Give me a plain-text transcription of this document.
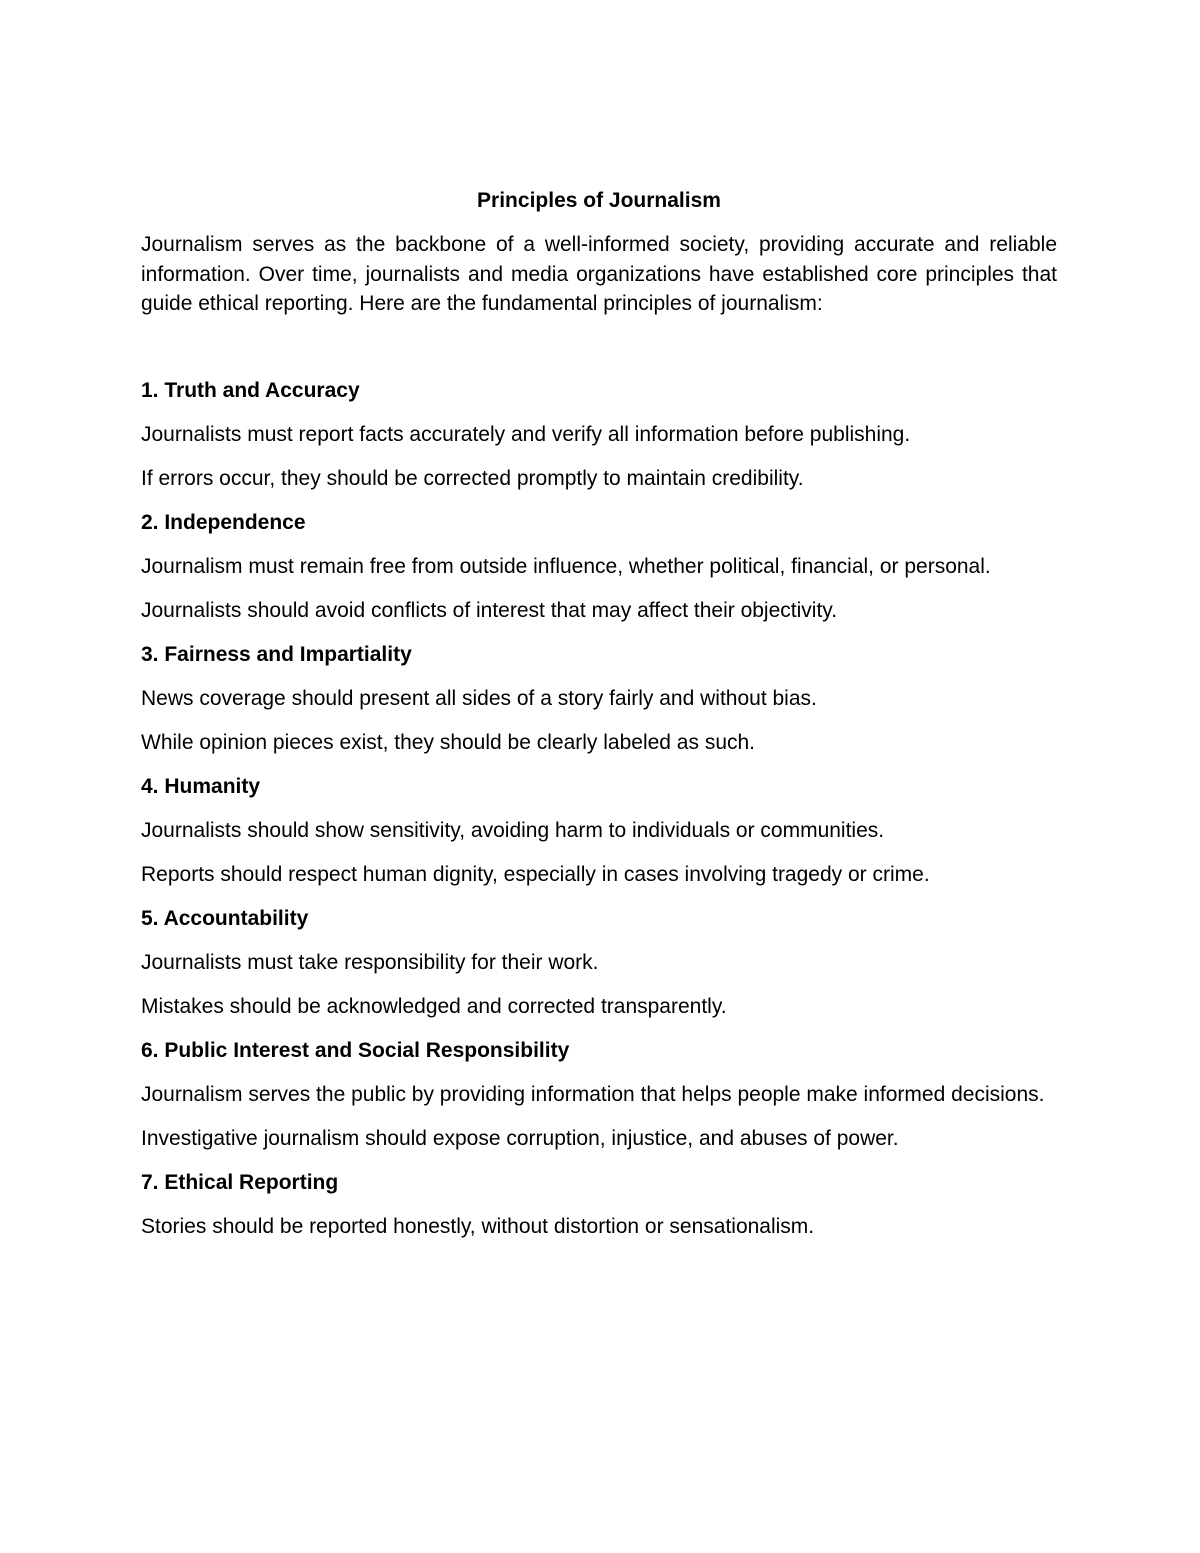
Principles of Journalism

Journalism serves as the backbone of a well-informed society, providing accurate and reliable information. Over time, journalists and media organizations have established core principles that guide ethical reporting. Here are the fundamental principles of journalism:

1. Truth and Accuracy

Journalists must report facts accurately and verify all information before publishing.

If errors occur, they should be corrected promptly to maintain credibility.

2. Independence

Journalism must remain free from outside influence, whether political, financial, or personal.

Journalists should avoid conflicts of interest that may affect their objectivity.

3. Fairness and Impartiality

News coverage should present all sides of a story fairly and without bias.

While opinion pieces exist, they should be clearly labeled as such.

4. Humanity

Journalists should show sensitivity, avoiding harm to individuals or communities.

Reports should respect human dignity, especially in cases involving tragedy or crime.

5. Accountability

Journalists must take responsibility for their work.

Mistakes should be acknowledged and corrected transparently.

6. Public Interest and Social Responsibility

Journalism serves the public by providing information that helps people make informed decisions.

Investigative journalism should expose corruption, injustice, and abuses of power.

7. Ethical Reporting

Stories should be reported honestly, without distortion or sensationalism.
